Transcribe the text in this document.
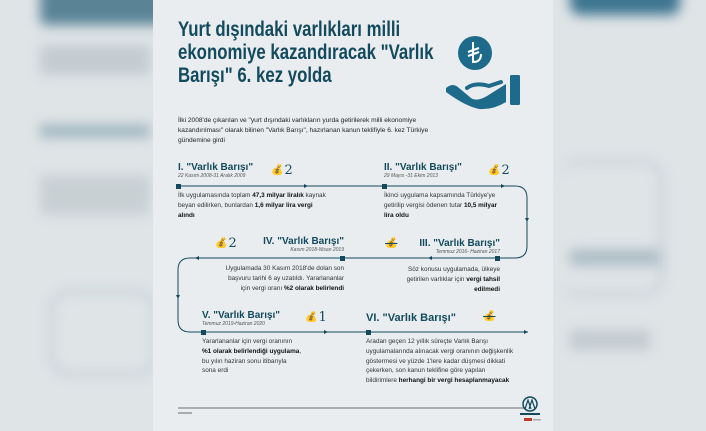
Yurt dışındaki varlıkları milli ekonomiye kazandıracak "Varlık Barışı" 6. kez yolda
İlki 2008'de çıkarılan ve "yurt dışındaki varlıkların yurda getirilerek milli ekonomiye kazandırılması" olarak bilinen "Varlık Barışı", hazırlanan kanun teklifiyle 6. kez Türkiye gündemine girdi
I. "Varlık Barışı"
22 Kasım 2008-31 Aralık 2009	💰 2
İlk uygulamasında toplam 47,3 milyar liralık kaynak beyan edilirken, bunlardan 1,6 milyar lira vergi alındı
II. "Varlık Barışı"
29 Mayıs -31 Ekim 2013	💰 2
İkinci uygulama kapsamında Türkiye'ye getirilip vergisi ödenen tutar 10,5 milyar lira oldu
III. "Varlık Barışı"
Temmuz 2016- Haziran 2017
💰
Söz konusu uygulamada, ülkeye getirilen varlıklar için vergi tahsil edilmedi
IV. "Varlık Barışı"
Kasım 2018-Nisan 2019
💰 2
Uygulamada 30 Kasım 2018'de dolan son başvuru tarihi 6 ay uzatıldı. Yararlananlar için vergi oranı %2 olarak belirlendi
V. "Varlık Barışı"
Temmuz 2019-Haziran 2020
💰 1
Yararlananlar için vergi oranının %1 olarak belirlendiği uygulama, bu yılın haziran sonu itibarıyla sona erdi
VI. "Varlık Barışı"	💰
Aradan geçen 12 yıllık süreçte Varlık Barışı uygulamalarında alınacak vergi oranının değişkenlik göstermesi ve yüzde 1'lere kadar düşmesi dikkati çekerken, son kanun teklifine göre yapılan bildirimlere herhangi bir vergi hesaplanmayacak
